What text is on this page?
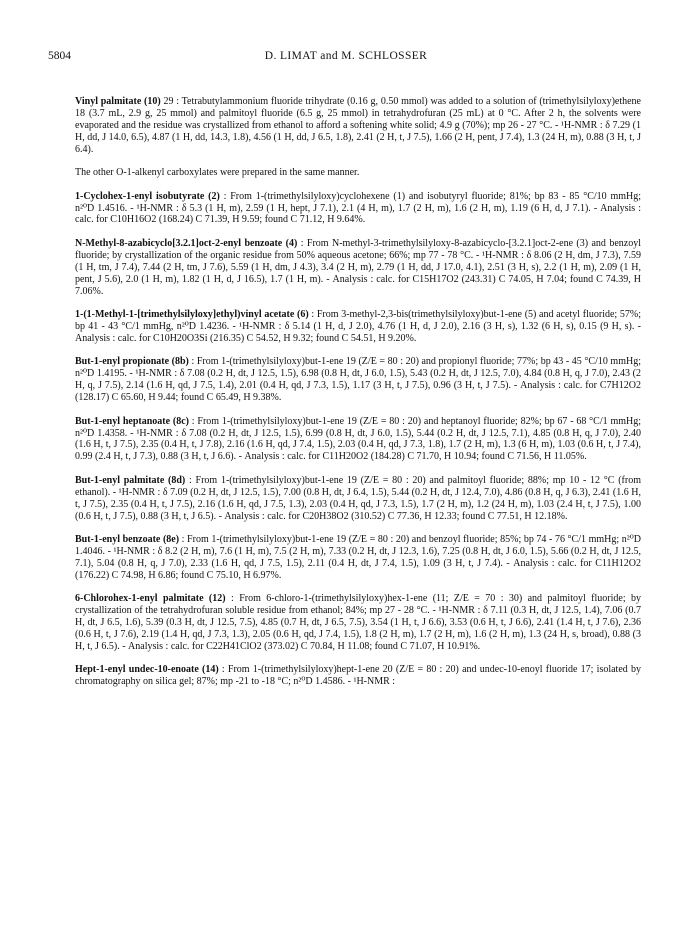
5804	D. LIMAT and M. SCHLOSSER

Vinyl palmitate (10) 29 : Tetrabutylammonium fluoride trihydrate (0.16 g, 0.50 mmol) was added to a solution of (trimethylsilyloxy)ethene 18 (3.7 mL, 2.9 g, 25 mmol) and palmitoyl fluoride (6.5 g, 25 mmol) in tetrahydrofuran (25 mL) at 0 °C. After 2 h, the solvents were evaporated and the residue was crystallized from ethanol to afford a softening white solid; 4.9 g (70%); mp 26 - 27 °C. - ¹H-NMR : δ 7.29 (1 H, dd, J 14.0, 6.5), 4.87 (1 H, dd, 14.3, 1.8), 4.56 (1 H, dd, J 6.5, 1.8), 2.41 (2 H, t, J 7.5), 1.66 (2 H, pent, J 7.4), 1.3 (24 H, m), 0.88 (3 H, t, J 6.4).

The other O-1-alkenyl carboxylates were prepared in the same manner.

1-Cyclohex-1-enyl isobutyrate (2) : From 1-(trimethylsilyloxy)cyclohexene (1) and isobutyryl fluoride; 81%; bp 83 - 85 °C/10 mmHg; n²⁰D 1.4516. - ¹H-NMR : δ 5.3 (1 H, m), 2.59 (1 H, hept, J 7.1), 2.1 (4 H, m), 1.7 (2 H, m), 1.6 (2 H, m), 1.19 (6 H, d, J 7.1). - Analysis : calc. for C10H16O2 (168.24) C 71.39, H 9.59; found C 71.12, H 9.64%.

N-Methyl-8-azabicyclo[3.2.1]oct-2-enyl benzoate (4) : From N-methyl-3-trimethylsilyloxy-8-azabicyclo-[3.2.1]oct-2-ene (3) and benzoyl fluoride; by crystallization of the organic residue from 50% aqueous acetone; 66%; mp 77 - 78 °C. - ¹H-NMR : δ 8.06 (2 H, dm, J 7.3), 7.59 (1 H, tm, J 7.4), 7.44 (2 H, tm, J 7.6), 5.59 (1 H, dm, J 4.3), 3.4 (2 H, m), 2.79 (1 H, dd, J 17.0, 4.1), 2.51 (3 H, s), 2.2 (1 H, m), 2.09 (1 H, pent, J 5.6), 2.0 (1 H, m), 1.82 (1 H, d, J 16.5), 1.7 (1 H, m). - Analysis : calc. for C15H17O2 (243.31) C 74.05, H 7.04; found C 74.39, H 7.06%.

1-(1-Methyl-1-[trimethylsilyloxy]ethyl)vinyl acetate (6) : From 3-methyl-2,3-bis(trimethylsilyloxy)but-1-ene (5) and acetyl fluoride; 57%; bp 41 - 43 °C/1 mmHg, n²⁰D 1.4236. - ¹H-NMR : δ 5.14 (1 H, d, J 2.0), 4.76 (1 H, d, J 2.0), 2.16 (3 H, s), 1.32 (6 H, s), 0.15 (9 H, s). - Analysis : calc. for C10H20O3Si (216.35) C 54.52, H 9.32; found C 54.51, H 9.20%.

But-1-enyl propionate (8b) : From 1-(trimethylsilyloxy)but-1-ene 19 (Z/E = 80 : 20) and propionyl fluoride; 77%; bp 43 - 45 °C/10 mmHg; n²⁰D 1.4195. - ¹H-NMR : δ 7.08 (0.2 H, dt, J 12.5, 1.5), 6.98 (0.8 H, dt, J 6.0, 1.5), 5.43 (0.2 H, dt, J 12.5, 7.0), 4.84 (0.8 H, q, J 7.0), 2.43 (2 H, q, J 7.5), 2.14 (1.6 H, qd, J 7.5, 1.4), 2.01 (0.4 H, qd, J 7.3, 1.5), 1.17 (3 H, t, J 7.5), 0.96 (3 H, t, J 7.5). - Analysis : calc. for C7H12O2 (128.17) C 65.60, H 9.44; found C 65.49, H 9.38%.

But-1-enyl heptanoate (8c) : From 1-(trimethylsilyloxy)but-1-ene 19 (Z/E = 80 : 20) and heptanoyl fluoride; 82%; bp 67 - 68 °C/1 mmHg; n²⁰D 1.4358. - ¹H-NMR : δ 7.08 (0.2 H, dt, J 12.5, 1.5), 6.99 (0.8 H, dt, J 6.0, 1.5), 5.44 (0.2 H, dt, J 12.5, 7.1), 4.85 (0.8 H, q, J 7.0), 2.40 (1.6 H, t, J 7.5), 2.35 (0.4 H, t, J 7.8), 2.16 (1.6 H, qd, J 7.4, 1.5), 2.03 (0.4 H, qd, J 7.3, 1.8), 1.7 (2 H, m), 1.3 (6 H, m), 1.03 (0.6 H, t, J 7.4), 0.99 (2.4 H, t, J 7.3), 0.88 (3 H, t, J 6.6). - Analysis : calc. for C11H20O2 (184.28) C 71.70, H 10.94; found C 71.56, H 11.05%.

But-1-enyl palmitate (8d) : From 1-(trimethylsilyloxy)but-1-ene 19 (Z/E = 80 : 20) and palmitoyl fluoride; 88%; mp 10 - 12 °C (from ethanol). - ¹H-NMR : δ 7.09 (0.2 H, dt, J 12.5, 1.5), 7.00 (0.8 H, dt, J 6.4, 1.5), 5.44 (0.2 H, dt, J 12.4, 7.0), 4.86 (0.8 H, q, J 6.3), 2.41 (1.6 H, t, J 7.5), 2.35 (0.4 H, t, J 7.5), 2.16 (1.6 H, qd, J 7.5, 1.3), 2.03 (0.4 H, qd, J 7.3, 1.5), 1.7 (2 H, m), 1.2 (24 H, m), 1.03 (2.4 H, t, J 7.5), 1.00 (0.6 H, t, J 7.5), 0.88 (3 H, t, J 6.5). - Analysis : calc. for C20H38O2 (310.52) C 77.36, H 12.33; found C 77.51, H 12.18%.

But-1-enyl benzoate (8e) : From 1-(trimethylsilyloxy)but-1-ene 19 (Z/E = 80 : 20) and benzoyl fluoride; 85%; bp 74 - 76 °C/1 mmHg; n²⁰D 1.4046. - ¹H-NMR : δ 8.2 (2 H, m), 7.6 (1 H, m), 7.5 (2 H, m), 7.33 (0.2 H, dt, J 12.3, 1.6), 7.25 (0.8 H, dt, J 6.0, 1.5), 5.66 (0.2 H, dt, J 12.5, 7.1), 5.04 (0.8 H, q, J 7.0), 2.33 (1.6 H, qd, J 7.5, 1.5), 2.11 (0.4 H, dt, J 7.4, 1.5), 1.09 (3 H, t, J 7.4). - Analysis : calc. for C11H12O2 (176.22) C 74.98, H 6.86; found C 75.10, H 6.97%.

6-Chlorohex-1-enyl palmitate (12) : From 6-chloro-1-(trimethylsilyloxy)hex-1-ene (11; Z/E = 70 : 30) and palmitoyl fluoride; by crystallization of the tetrahydrofuran soluble residue from ethanol; 84%; mp 27 - 28 °C. - ¹H-NMR : δ 7.11 (0.3 H, dt, J 12.5, 1.4), 7.06 (0.7 H, dt, J 6.5, 1.6), 5.39 (0.3 H, dt, J 12.5, 7.5), 4.85 (0.7 H, dt, J 6.5, 7.5), 3.54 (1 H, t, J 6.6), 3.53 (0.6 H, t, J 6.6), 2.41 (1.4 H, t, J 7.6), 2.36 (0.6 H, t, J 7.6), 2.19 (1.4 H, qd, J 7.3, 1.3), 2.05 (0.6 H, qd, J 7.4, 1.5), 1.8 (2 H, m), 1.7 (2 H, m), 1.6 (2 H, m), 1.3 (24 H, s, broad), 0.88 (3 H, t, J 6.5). - Analysis : calc. for C22H41ClO2 (373.02) C 70.84, H 11.08; found C 71.07, H 10.91%.

Hept-1-enyl undec-10-enoate (14) : From 1-(trimethylsilyloxy)hept-1-ene 20 (Z/E = 80 : 20) and undec-10-enoyl fluoride 17; isolated by chromatography on silica gel; 87%; mp -21 to -18 °C; n²⁰D 1.4586. - ¹H-NMR :
